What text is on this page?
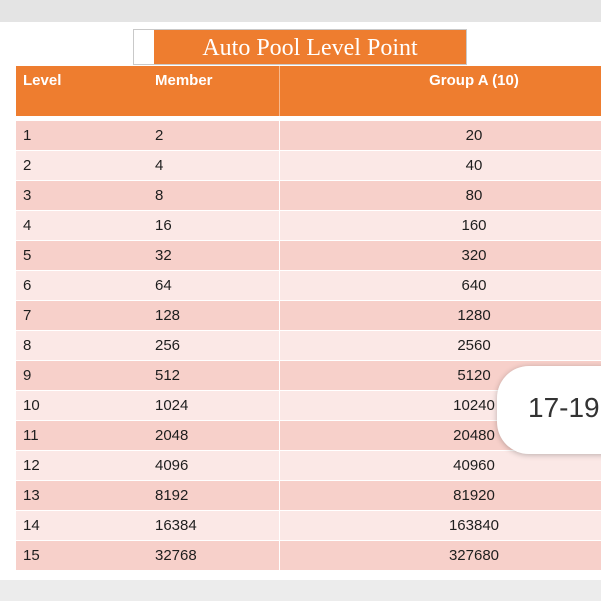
Auto Pool Level Point
Level	Member	Group A (10)
1	2	20
2	4	40
3	8	80
4	16	160
5	32	320
6	64	640
7	128	1280
8	256	2560
9	512	5120
10	1024	10240
11	2048	20480
12	4096	40960
13	8192	81920
14	16384	163840
15	32768	327680
17-19
